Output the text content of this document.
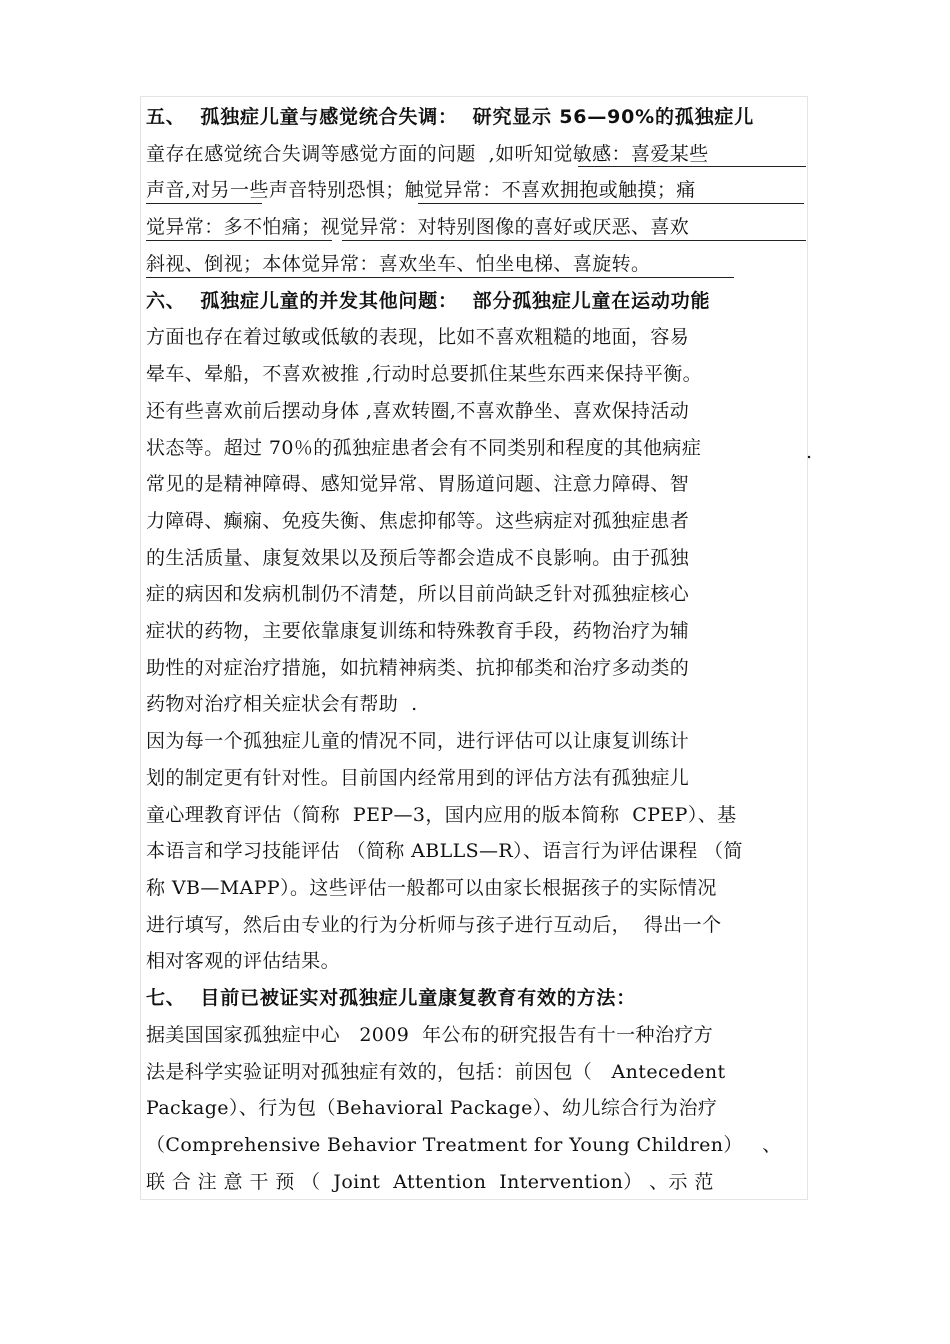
五、  孤独症儿童与感觉统合失调：  研究显示 56—90%的孤独症儿
童存在感觉统合失调等感觉方面的问题  ,如听知觉敏感：喜爱某些
声音,对另一些声音特别恐惧；触觉异常：不喜欢拥抱或触摸；痛
觉异常：多不怕痛；视觉异常：对特别图像的喜好或厌恶、喜欢
斜视、倒视；本体觉异常：喜欢坐车、怕坐电梯、喜旋转。
六、  孤独症儿童的并发其他问题：  部分孤独症儿童在运动功能
方面也存在着过敏或低敏的表现，比如不喜欢粗糙的地面，容易
晕车、晕船，不喜欢被推 ,行动时总要抓住某些东西来保持平衡。
还有些喜欢前后摆动身体 ,喜欢转圈,不喜欢静坐、喜欢保持活动
状态等。超过 70％的孤独症患者会有不同类别和程度的其他病症	.
常见的是精神障碍、感知觉异常、胃肠道问题、注意力障碍、智
力障碍、癫痫、免疫失衡、焦虑抑郁等。这些病症对孤独症患者
的生活质量、康复效果以及预后等都会造成不良影响。由于孤独
症的病因和发病机制仍不清楚，所以目前尚缺乏针对孤独症核心
症状的药物，主要依靠康复训练和特殊教育手段，药物治疗为辅
助性的对症治疗措施，如抗精神病类、抗抑郁类和治疗多动类的
药物对治疗相关症状会有帮助  .
因为每一个孤独症儿童的情况不同，进行评估可以让康复训练计
划的制定更有针对性。目前国内经常用到的评估方法有孤独症儿
童心理教育评估（简称  PEP—3，国内应用的版本简称  CPEP）、基
本语言和学习技能评估 （简称 ABLLS—R）、语言行为评估课程 （简
称 VB—MAPP）。这些评估一般都可以由家长根据孩子的实际情况
进行填写，然后由专业的行为分析师与孩子进行互动后，  得出一个
相对客观的评估结果。
七、  目前已被证实对孤独症儿童康复教育有效的方法：
据美国国家孤独症中心   2009  年公布的研究报告有十一种治疗方
法是科学实验证明对孤独症有效的，包括：前因包（   Antecedent
Package）、行为包（Behavioral Package）、幼儿综合行为治疗
（Comprehensive Behavior Treatment for Young Children）   、
联 合 注 意 干 预 （  Joint  Attention  Intervention） 、示 范
